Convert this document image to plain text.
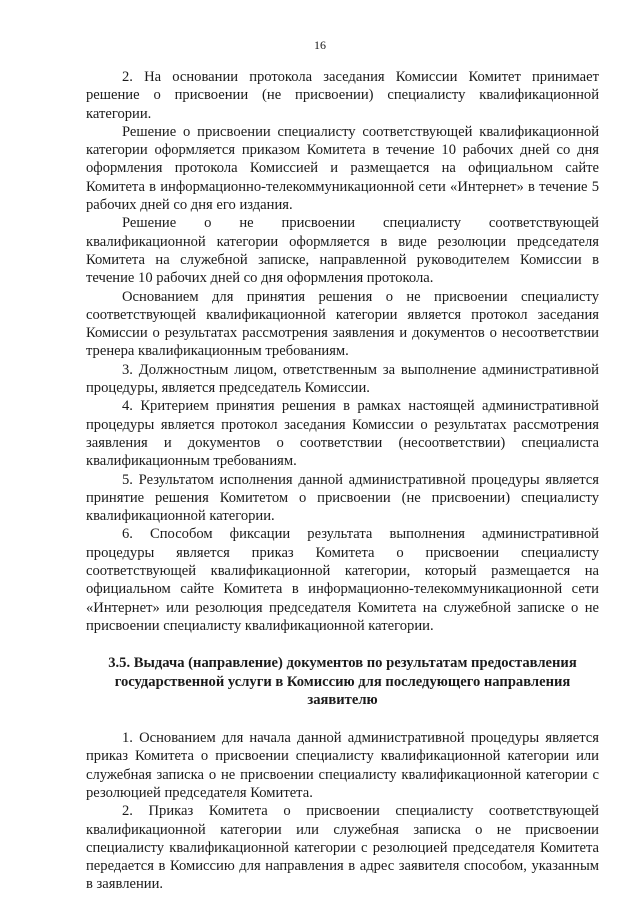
16

2. На основании протокола заседания Комиссии Комитет принимает решение о присвоении (не присвоении) специалисту квалификационной категории.

Решение о присвоении специалисту соответствующей квалификационной категории оформляется приказом Комитета в течение 10 рабочих дней со дня оформления протокола Комиссией и размещается на официальном сайте Комитета в информационно-телекоммуникационной сети «Интернет» в течение 5 рабочих дней со дня его издания.

Решение о не присвоении специалисту соответствующей квалификационной категории оформляется в виде резолюции председателя Комитета на служебной записке, направленной руководителем Комиссии в течение 10 рабочих дней со дня оформления протокола.

Основанием для принятия решения о не присвоении специалисту соответствующей квалификационной категории является протокол заседания Комиссии о результатах рассмотрения заявления и документов о несоответствии тренера квалификационным требованиям.

3. Должностным лицом, ответственным за выполнение административной процедуры, является председатель Комиссии.

4. Критерием принятия решения в рамках настоящей административной процедуры является протокол заседания Комиссии о результатах рассмотрения заявления и документов о соответствии (несоответствии) специалиста квалификационным требованиям.

5. Результатом исполнения данной административной процедуры является принятие решения Комитетом о присвоении (не присвоении) специалисту квалификационной категории.

6. Способом фиксации результата выполнения административной процедуры является приказ Комитета о присвоении специалисту соответствующей квалификационной категории, который размещается на официальном сайте Комитета в информационно-телекоммуникационной сети «Интернет» или резолюция председателя Комитета на служебной записке о не присвоении специалисту квалификационной категории.

3.5. Выдача (направление) документов по результатам предоставления государственной услуги в Комиссию для последующего направления заявителю

1. Основанием для начала данной административной процедуры является приказ Комитета о присвоении специалисту квалификационной категории или служебная записка о не присвоении специалисту квалификационной категории с резолюцией председателя Комитета.

2. Приказ Комитета о присвоении специалисту соответствующей квалификационной категории или служебная записка о не присвоении специалисту квалификационной категории с резолюцией председателя Комитета передается в Комиссию для направления в адрес заявителя способом, указанным в заявлении.
